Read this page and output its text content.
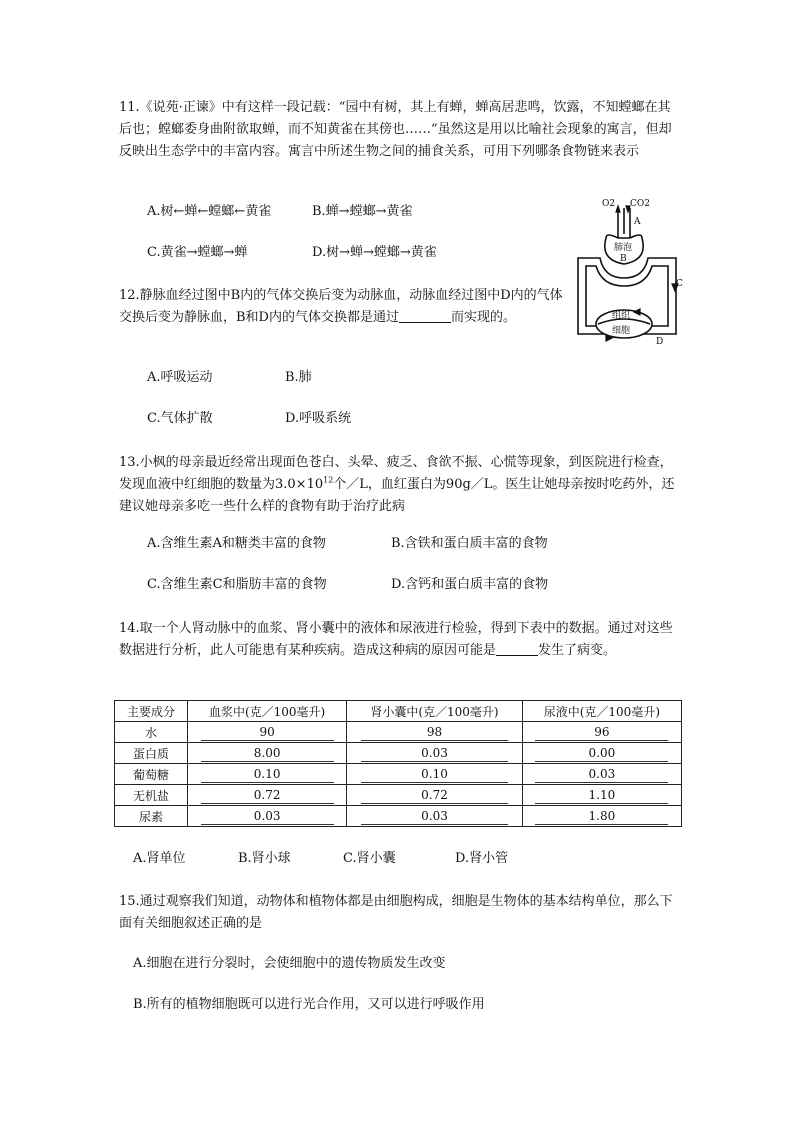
11.《说苑·正谏》中有这样一段记载：“园中有树，其上有蝉，蝉高居悲鸣，饮露，不知螳螂在其后也；螳螂委身曲附欲取蝉，而不知黄雀在其傍也……”虽然这是用以比喻社会现象的寓言，但却反映出生态学中的丰富内容。寓言中所述生物之间的捕食关系，可用下列哪条食物链来表示

A.树←蝉←螳螂←黄雀	B.蝉→螳螂→黄雀
C.黄雀→螳螂→蝉	D.树→蝉→螳螂→黄雀

12.静脉血经过图中B内的气体交换后变为动脉血，动脉血经过图中D内的气体交换后变为静脉血，B和D内的气体交换都是通过	而实现的。

A.呼吸运动	B.肺
C.气体扩散	D.呼吸系统
O2 CO2
A
肺泡
B
C
组织
细胞
D

13.小枫的母亲最近经常出现面色苍白、头晕、疲乏、食欲不振、心慌等现象，到医院进行检查，发现血液中红细胞的数量为$3.0\times 10^{12}$个／L，血红蛋白为90g／L。医生让她母亲按时吃药外，还建议她母亲多吃一些什么样的食物有助于治疗此病

A.含维生素A和糖类丰富的食物	B.含铁和蛋白质丰富的食物
C.含维生素C和脂肪丰富的食物	D.含钙和蛋白质丰富的食物

14.取一个人肾动脉中的血浆、肾小囊中的液体和尿液进行检验，得到下表中的数据。通过对这些数据进行分析，此人可能患有某种疾病。造成这种病的原因可能是	发生了病变。

主要成分	血浆中(克／100毫升)	肾小囊中(克／100毫升)	尿液中(克／100毫升)
水	90	98	96
蛋白质	8.00	0.03	0.00
葡萄糖	0.10	0.10	0.03
无机盐	0.72	0.72	1.10
尿素	0.03	0.03	1.80
A.肾单位	B.肾小球	C.肾小囊	D.肾小管

15.通过观察我们知道，动物体和植物体都是由细胞构成，细胞是生物体的基本结构单位，那么下面有关细胞叙述正确的是

A.细胞在进行分裂时，会使细胞中的遗传物质发生改变
B.所有的植物细胞既可以进行光合作用，又可以进行呼吸作用
